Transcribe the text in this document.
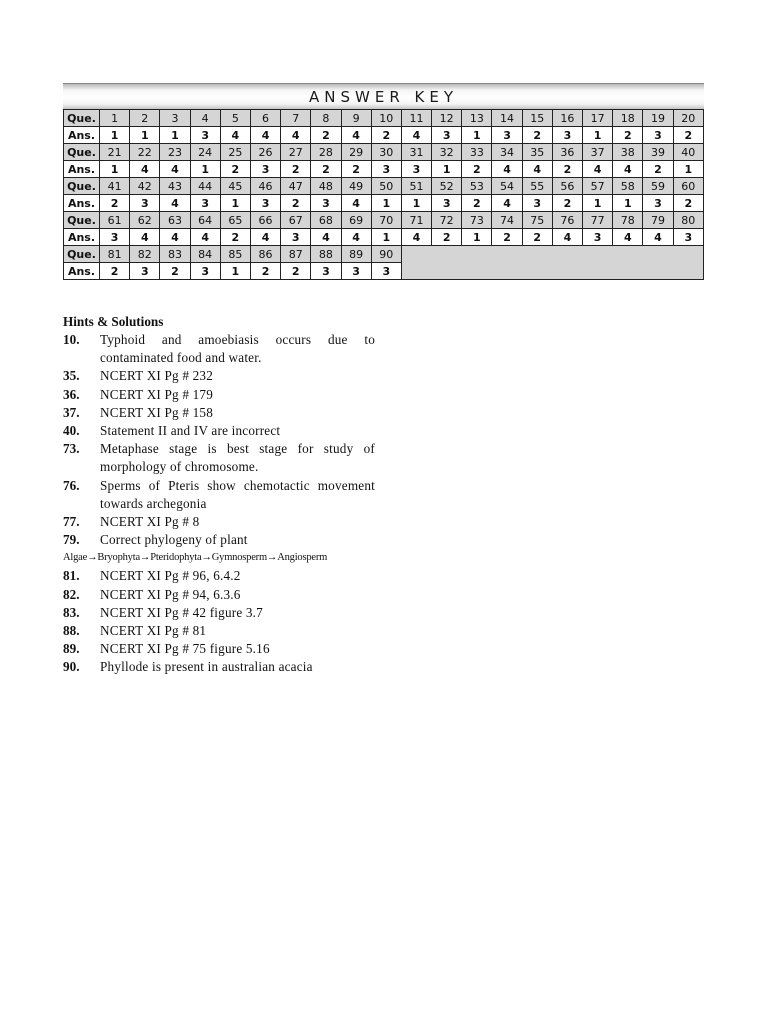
ANSWER KEY
Que.	1	2	3	4	5	6	7	8	9	10	11	12	13	14	15	16	17	18	19	20
Ans.	1	1	1	3	4	4	4	2	4	2	4	3	1	3	2	3	1	2	3	2
Que.	21	22	23	24	25	26	27	28	29	30	31	32	33	34	35	36	37	38	39	40
Ans.	1	4	4	1	2	3	2	2	2	3	3	1	2	4	4	2	4	4	2	1
Que.	41	42	43	44	45	46	47	48	49	50	51	52	53	54	55	56	57	58	59	60
Ans.	2	3	4	3	1	3	2	3	4	1	1	3	2	4	3	2	1	1	3	2
Que.	61	62	63	64	65	66	67	68	69	70	71	72	73	74	75	76	77	78	79	80
Ans.	3	4	4	4	2	4	3	4	4	1	4	2	1	2	2	4	3	4	4	3
Que.	81	82	83	84	85	86	87	88	89	90										
Ans.	2	3	2	3	1	2	2	3	3	3										
Hints & Solutions
10.	Typhoid and amoebiasis occurs due to contaminated food and water.
35.	NCERT XI Pg # 232
36.	NCERT XI Pg # 179
37.	NCERT XI Pg # 158
40.	Statement II and IV are incorrect
73.	Metaphase stage is best stage for study of morphology of chromosome.
76.	Sperms of Pteris show chemotactic movement towards archegonia
77.	NCERT XI Pg # 8
79.	Correct phylogeny of plant
Algae→Bryophyta→Pteridophyta→Gymnosperm→Angiosperm
81.	NCERT XI Pg # 96, 6.4.2
82.	NCERT XI Pg # 94, 6.3.6
83.	NCERT XI Pg # 42 figure 3.7
88.	NCERT XI Pg # 81
89.	NCERT XI Pg # 75 figure 5.16
90.	Phyllode is present in australian acacia
